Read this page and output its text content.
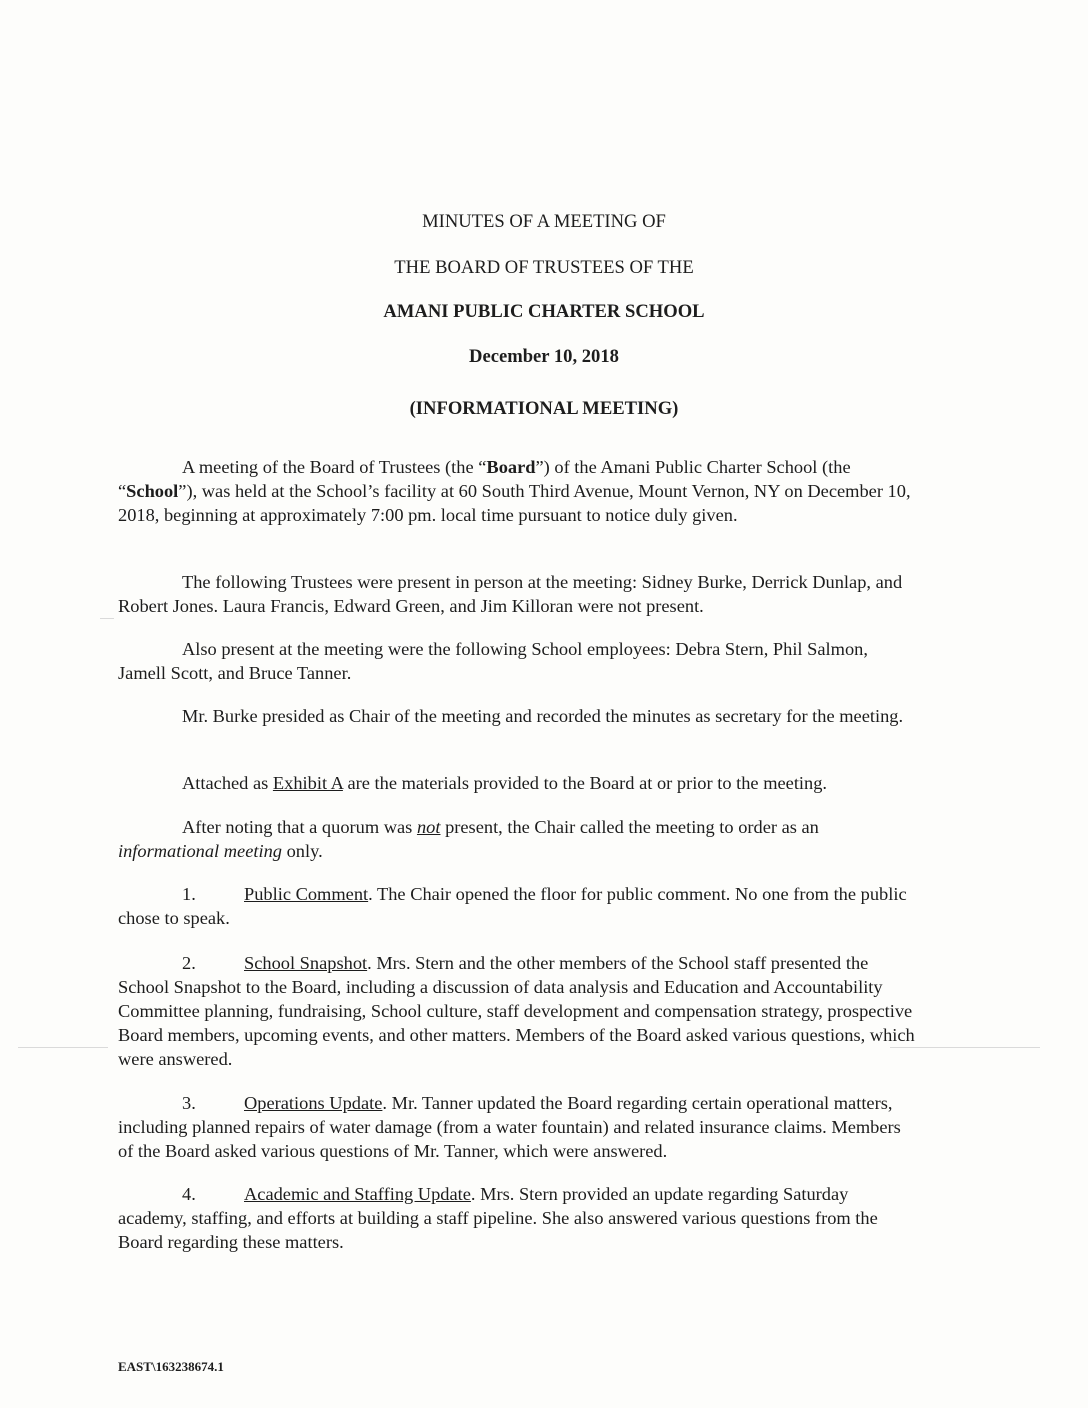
MINUTES OF A MEETING OF
THE BOARD OF TRUSTEES OF THE
AMANI PUBLIC CHARTER SCHOOL
December 10, 2018
(INFORMATIONAL MEETING)
A meeting of the Board of Trustees (the “Board”) of the Amani Public Charter School (the “School”), was held at the School’s facility at 60 South Third Avenue, Mount Vernon, NY on December 10, 2018, beginning at approximately 7:00 pm. local time pursuant to notice duly given.
The following Trustees were present in person at the meeting: Sidney Burke, Derrick Dunlap, and Robert Jones. Laura Francis, Edward Green, and Jim Killoran were not present.
Also present at the meeting were the following School employees: Debra Stern, Phil Salmon, Jamell Scott, and Bruce Tanner.
Mr. Burke presided as Chair of the meeting and recorded the minutes as secretary for the meeting.
Attached as Exhibit A are the materials provided to the Board at or prior to the meeting.
After noting that a quorum was not present, the Chair called the meeting to order as an informational meeting only.
1.	Public Comment. The Chair opened the floor for public comment. No one from the public chose to speak.
2.	School Snapshot. Mrs. Stern and the other members of the School staff presented the School Snapshot to the Board, including a discussion of data analysis and Education and Accountability Committee planning, fundraising, School culture, staff development and compensation strategy, prospective Board members, upcoming events, and other matters. Members of the Board asked various questions, which were answered.
3.	Operations Update. Mr. Tanner updated the Board regarding certain operational matters, including planned repairs of water damage (from a water fountain) and related insurance claims. Members of the Board asked various questions of Mr. Tanner, which were answered.
4.	Academic and Staffing Update. Mrs. Stern provided an update regarding Saturday academy, staffing, and efforts at building a staff pipeline. She also answered various questions from the Board regarding these matters.
EAST\163238674.1
